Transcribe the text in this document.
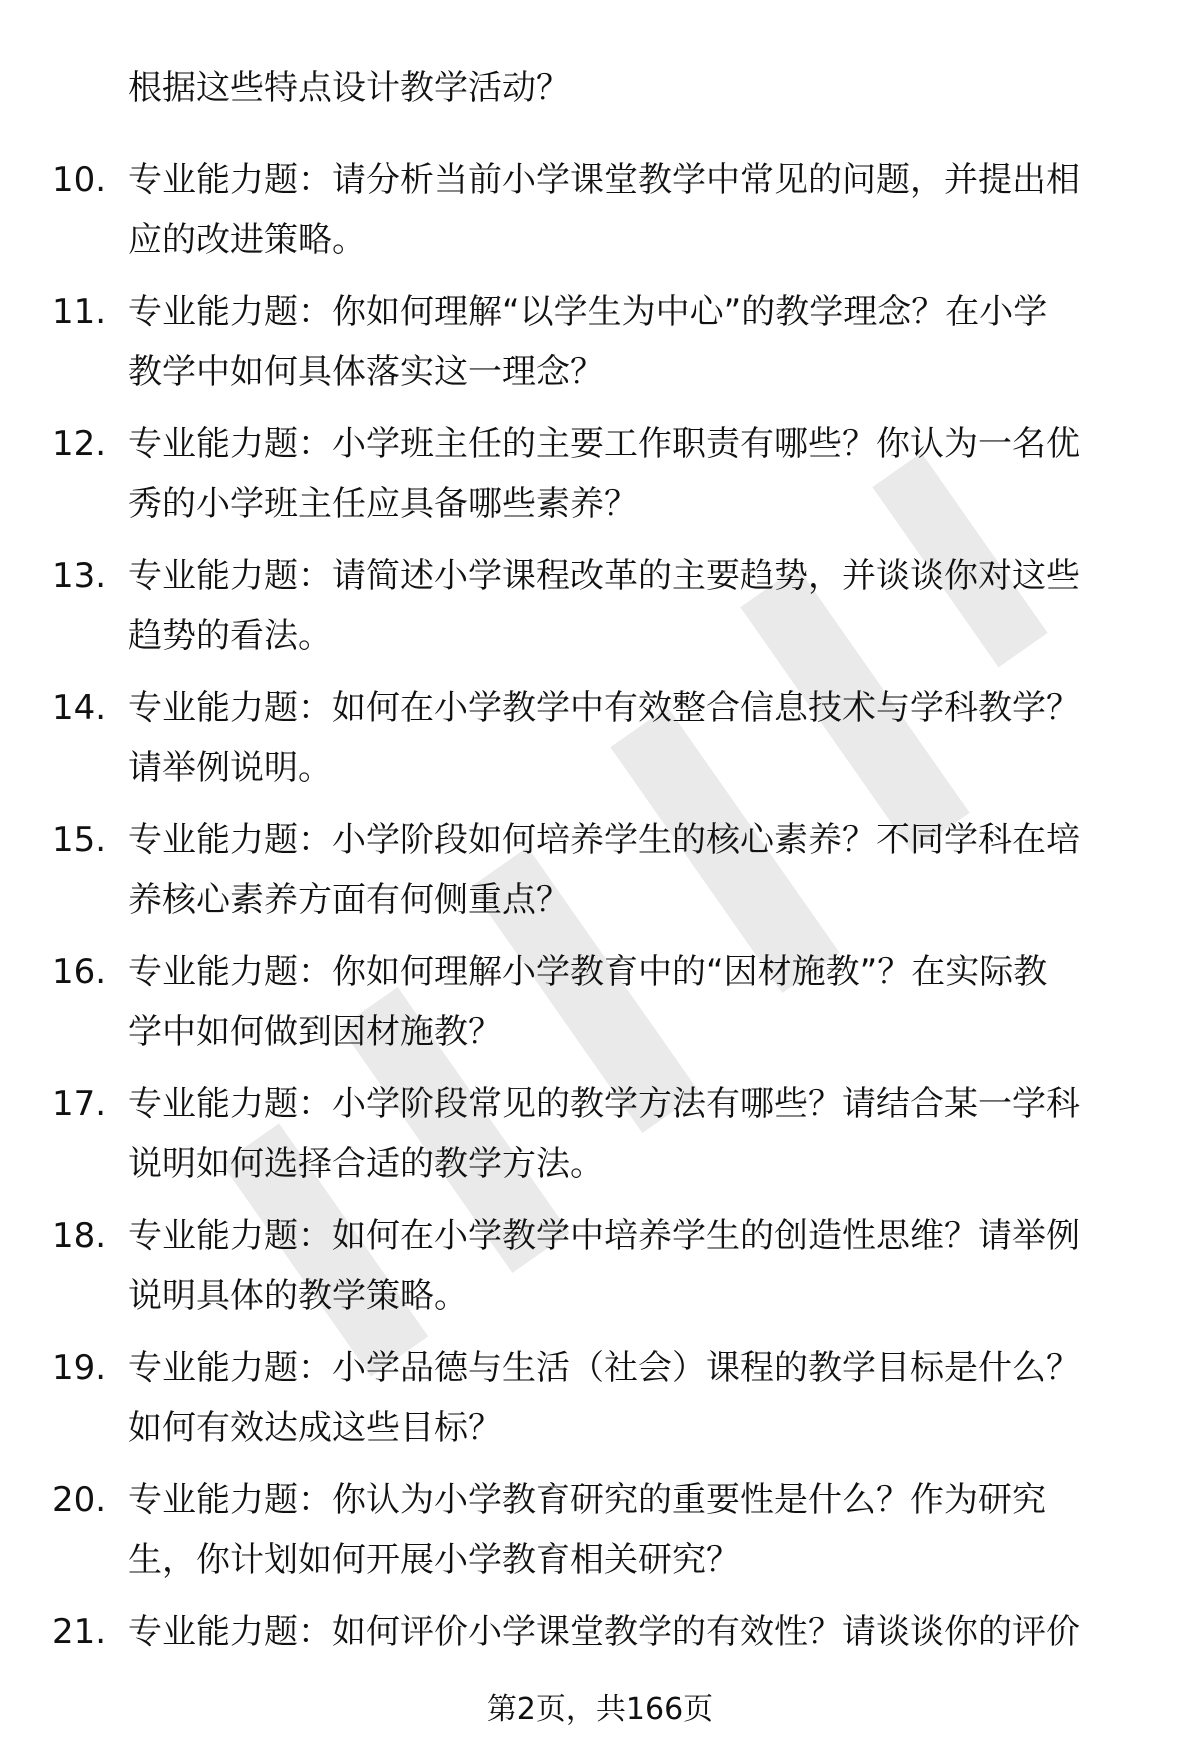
根据这些特点设计教学活动？
10. 专业能力题：请分析当前小学课堂教学中常见的问题，并提出相
应的改进策略。
11. 专业能力题：你如何理解“以学生为中心”的教学理念？在小学
教学中如何具体落实这一理念？
12. 专业能力题：小学班主任的主要工作职责有哪些？你认为一名优
秀的小学班主任应具备哪些素养？
13. 专业能力题：请简述小学课程改革的主要趋势，并谈谈你对这些
趋势的看法。
14. 专业能力题：如何在小学教学中有效整合信息技术与学科教学？
请举例说明。
15. 专业能力题：小学阶段如何培养学生的核心素养？不同学科在培
养核心素养方面有何侧重点？
16. 专业能力题：你如何理解小学教育中的“因材施教”？在实际教
学中如何做到因材施教？
17. 专业能力题：小学阶段常见的教学方法有哪些？请结合某一学科
说明如何选择合适的教学方法。
18. 专业能力题：如何在小学教学中培养学生的创造性思维？请举例
说明具体的教学策略。
19. 专业能力题：小学品德与生活（社会）课程的教学目标是什么？
如何有效达成这些目标？
20. 专业能力题：你认为小学教育研究的重要性是什么？作为研究
生，你计划如何开展小学教育相关研究？
21. 专业能力题：如何评价小学课堂教学的有效性？请谈谈你的评价
第2页，共166页
